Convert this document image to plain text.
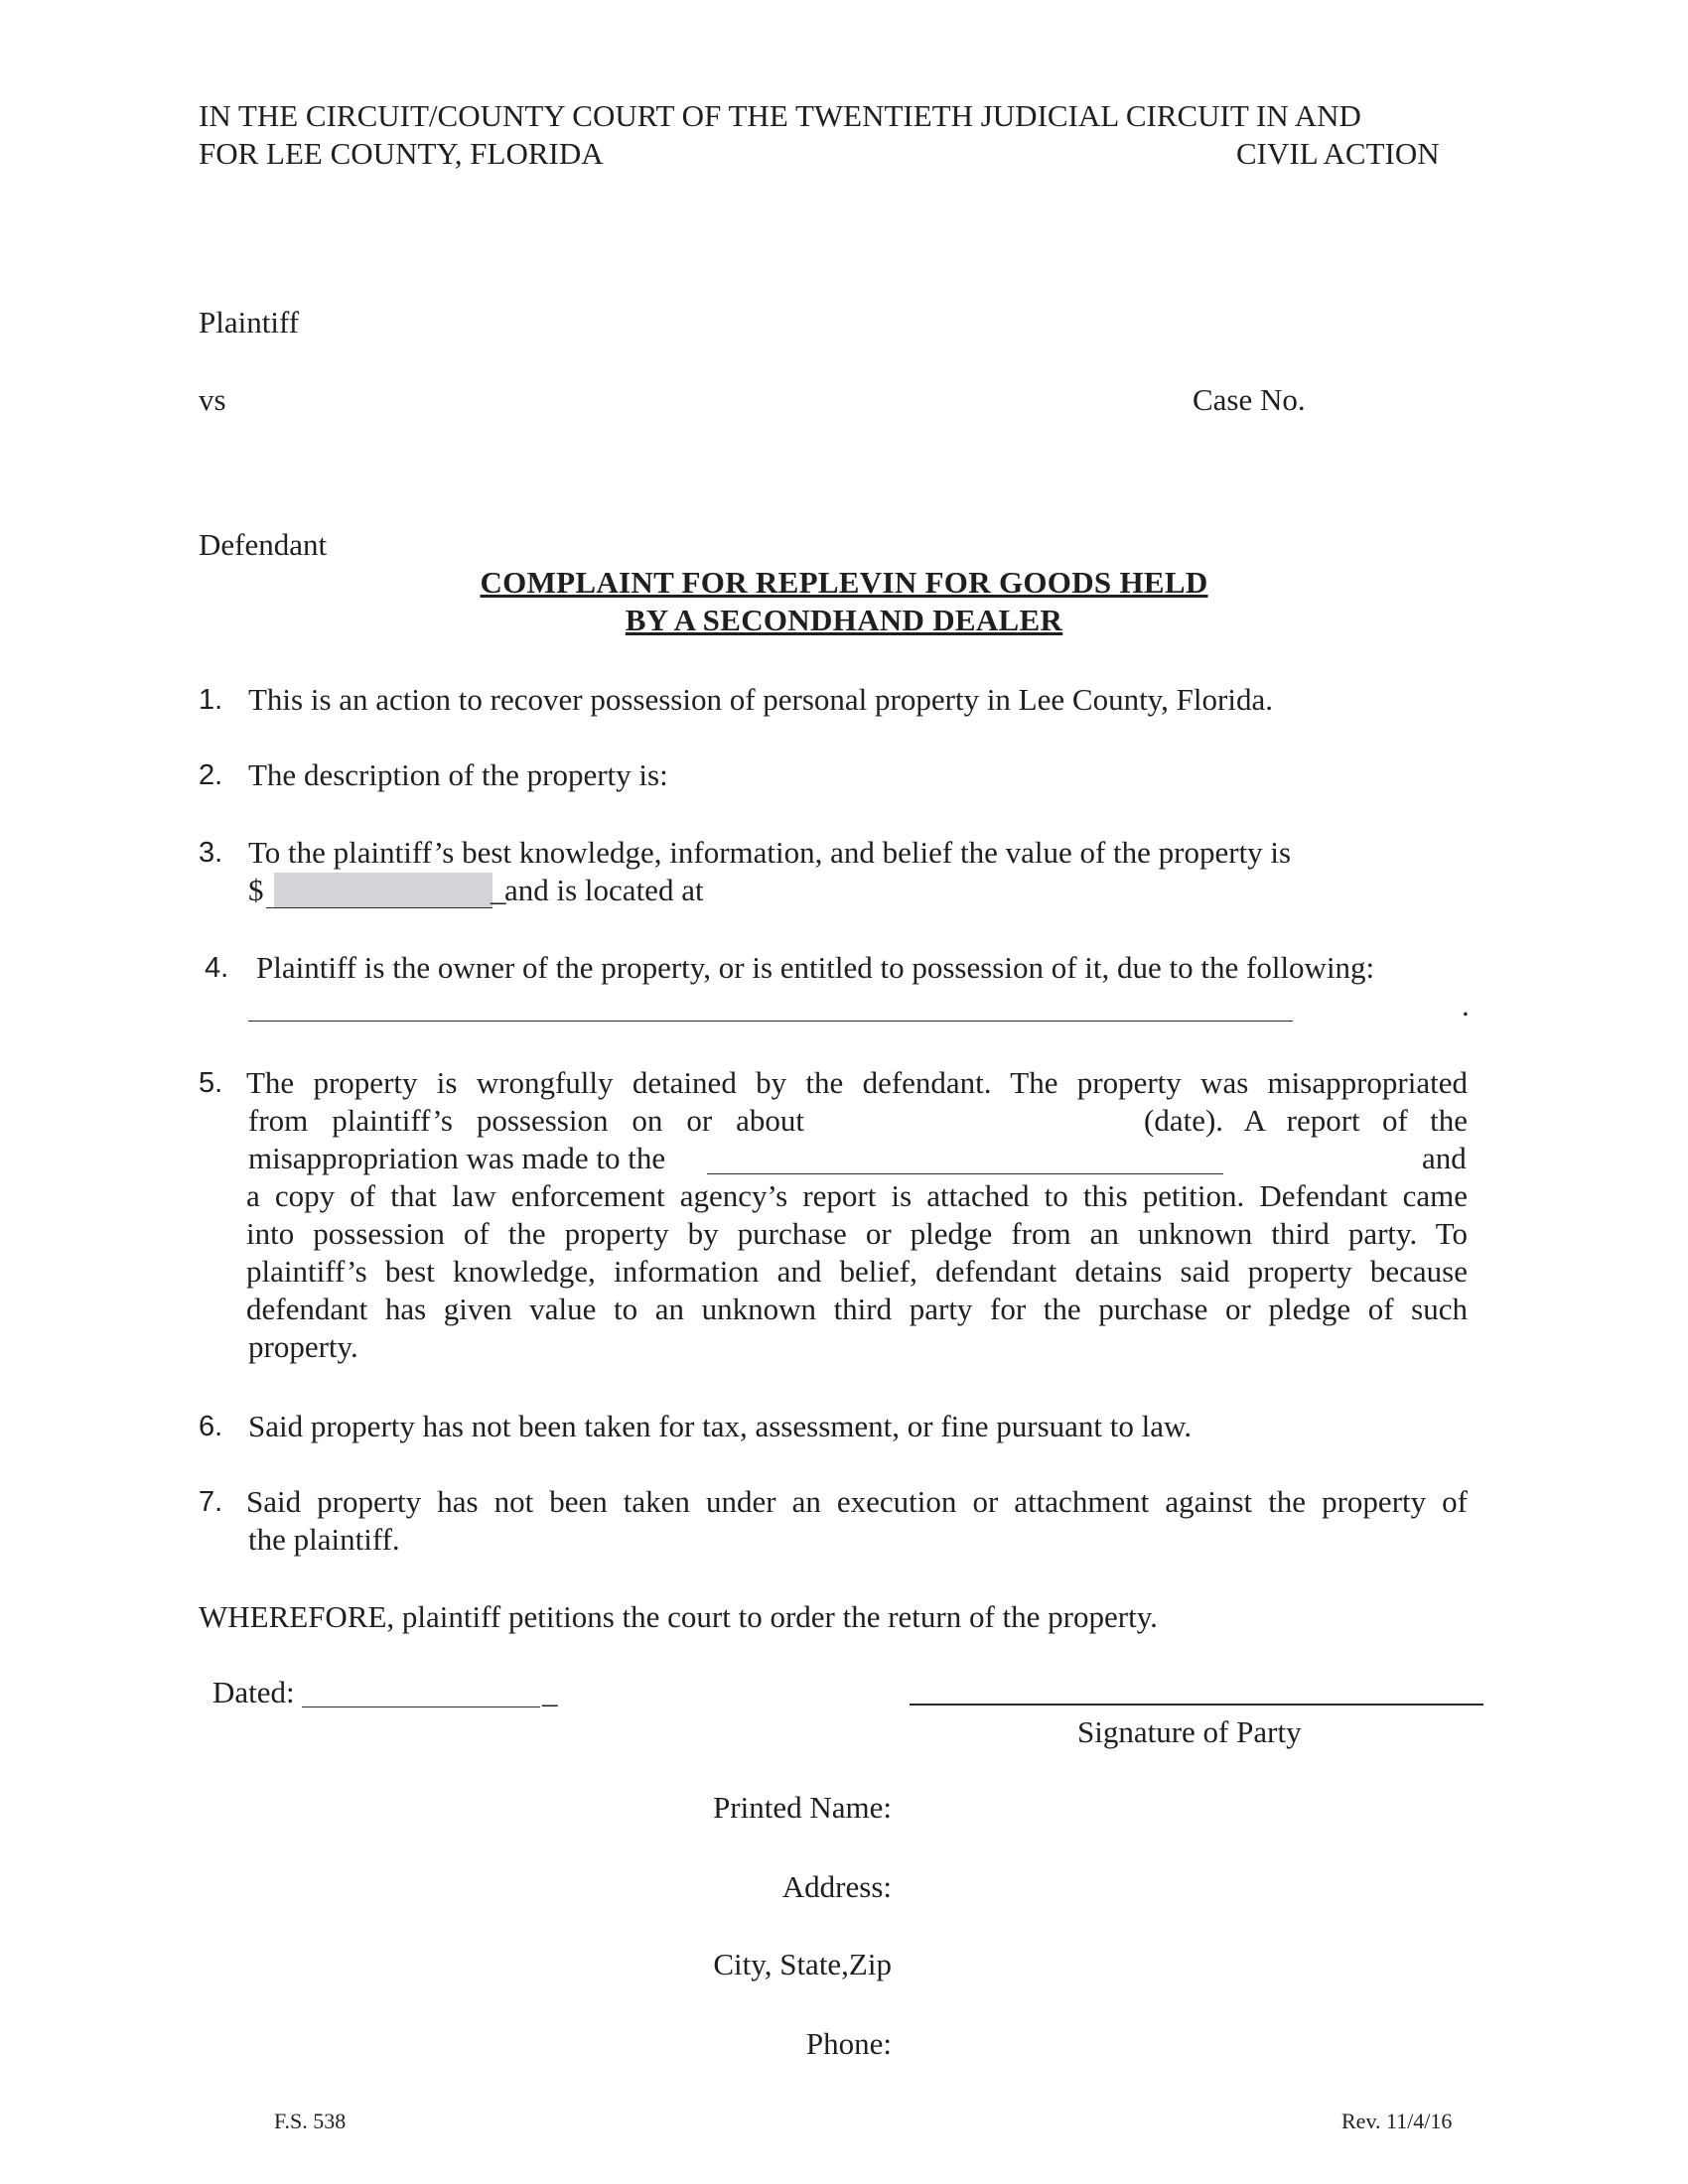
IN THE CIRCUIT/COUNTY COURT OF THE TWENTIETH JUDICIAL CIRCUIT IN AND
FOR LEE COUNTY, FLORIDA	CIVIL ACTION
Plaintiff
vs	Case No.
Defendant
COMPLAINT FOR REPLEVIN FOR GOODS HELD
BY A SECONDHAND DEALER
1. This is an action to recover possession of personal property in Lee County, Florida.
2. The description of the property is:
3. To the plaintiff’s best knowledge, information, and belief the value of the property is
$	_
and is located at
4. Plaintiff is the owner of the property, or is entitled to possession of it, due to the following:
.
5. The property is wrongfully detained by the defendant. The property was misappropriated
from plaintiff’s possession on or about	(date). A report of the
misappropriation was made to the	and
a copy of that law enforcement agency’s report is attached to this petition. Defendant came
into possession of the property by purchase or pledge from an unknown third party. To
plaintiff’s best knowledge, information and belief, defendant detains said property because
defendant has given value to an unknown third party for the purchase or pledge of such
property.
6. Said property has not been taken for tax, assessment, or fine pursuant to law.
7. Said property has not been taken under an execution or attachment against the property of
the plaintiff.
WHEREFORE, plaintiff petitions the court to order the return of the property.
Dated:	_
Signature of Party
Printed Name:
Address:
City, State,Zip
Phone:
F.S. 538	Rev. 11/4/16
